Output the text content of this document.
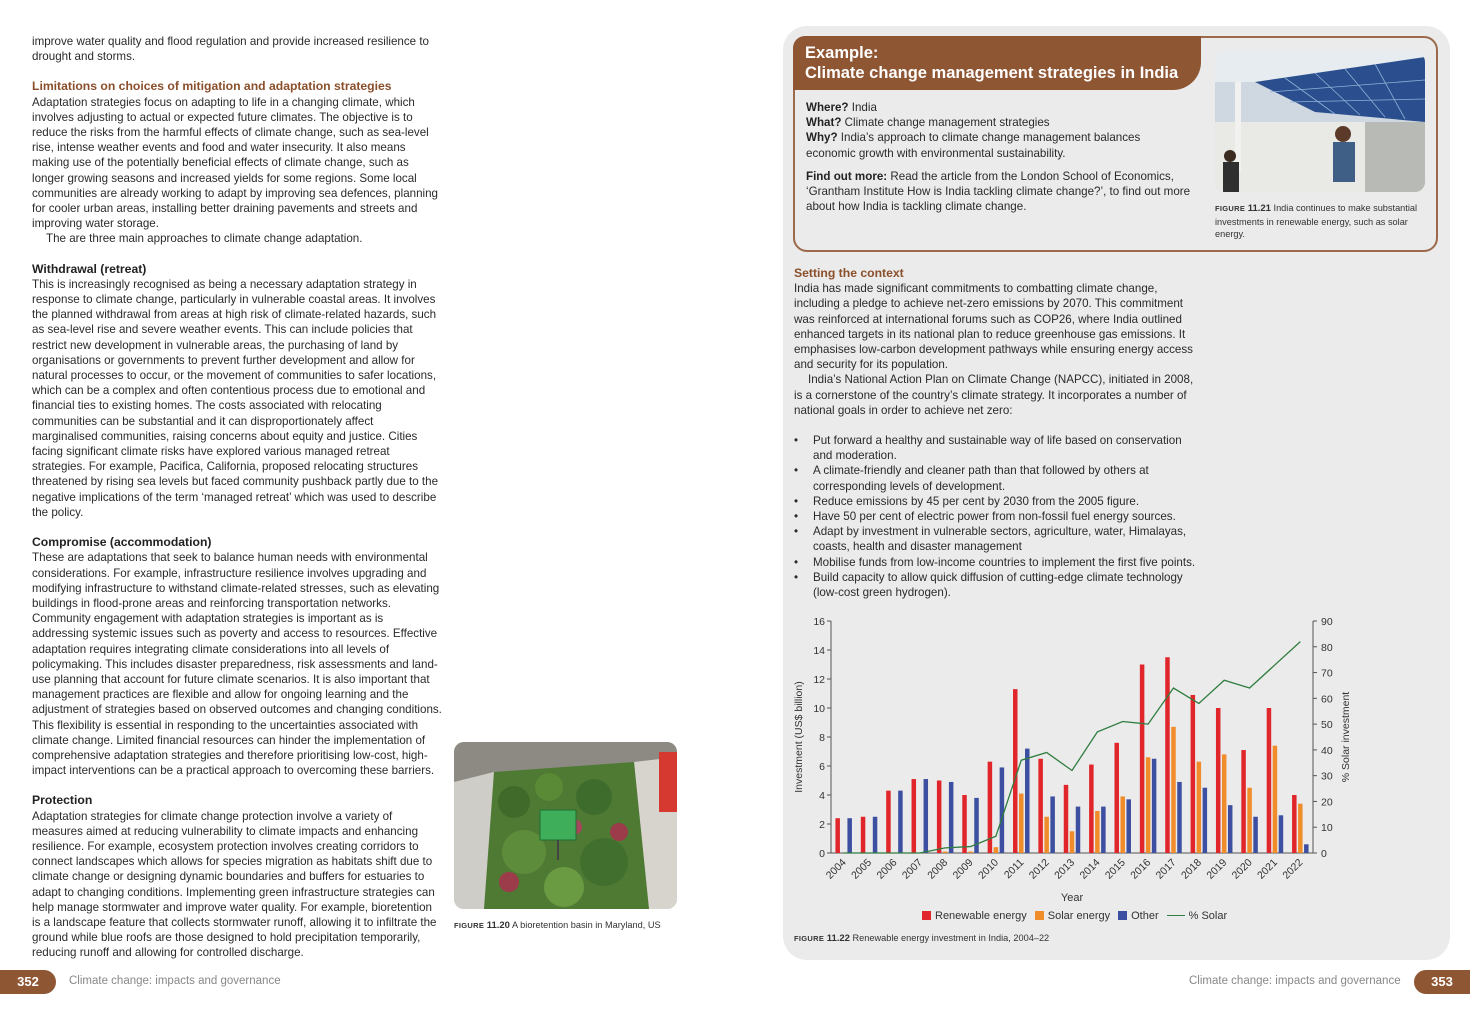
improve water quality and flood regulation and provide increased resilience to drought and storms.

Limitations on choices of mitigation and adaptation strategies

Adaptation strategies focus on adapting to life in a changing climate, which involves adjusting to actual or expected future climates. The objective is to reduce the risks from the harmful effects of climate change, such as sea-level rise, intense weather events and food and water insecurity. It also means making use of the potentially beneficial effects of climate change, such as longer growing seasons and increased yields for some regions. Some local communities are already working to adapt by improving sea defences, planning for cooler urban areas, installing better draining pavements and streets and improving water storage.

The are three main approaches to climate change adaptation.

Withdrawal (retreat)

This is increasingly recognised as being a necessary adaptation strategy in response to climate change, particularly in vulnerable coastal areas. It involves the planned withdrawal from areas at high risk of climate-related hazards, such as sea-level rise and severe weather events. This can include policies that restrict new development in vulnerable areas, the purchasing of land by organisations or governments to prevent further development and allow for natural processes to occur, or the movement of communities to safer locations, which can be a complex and often contentious process due to emotional and financial ties to existing homes. The costs associated with relocating communities can be substantial and it can disproportionately affect marginalised communities, raising concerns about equity and justice. Cities facing significant climate risks have explored various managed retreat strategies. For example, Pacifica, California, proposed relocating structures threatened by rising sea levels but faced community pushback partly due to the negative implications of the term ‘managed retreat’ which was used to describe the policy.

Compromise (accommodation)

These are adaptations that seek to balance human needs with environmental considerations. For example, infrastructure resilience involves upgrading and modifying infrastructure to withstand climate-related stresses, such as elevating buildings in flood-prone areas and reinforcing transportation networks. Community engagement with adaptation strategies is important as is addressing systemic issues such as poverty and access to resources. Effective adaptation requires integrating climate considerations into all levels of policymaking. This includes disaster preparedness, risk assessments and land-use planning that account for future climate scenarios. It is also important that management practices are flexible and allow for ongoing learning and the adjustment of strategies based on observed outcomes and changing conditions. This flexibility is essential in responding to the uncertainties associated with climate change. Limited financial resources can hinder the implementation of comprehensive adaptation strategies and therefore prioritising low-cost, high-impact interventions can be a practical approach to overcoming these barriers.

Protection

Adaptation strategies for climate change protection involve a variety of measures aimed at reducing vulnerability to climate impacts and enhancing resilience. For example, ecosystem protection involves creating corridors to connect landscapes which allows for species migration as habitats shift due to climate change or designing dynamic boundaries and buffers for estuaries to adapt to changing conditions. Implementing green infrastructure strategies can help manage stormwater and improve water quality. For example, bioretention is a landscape feature that collects stormwater runoff, allowing it to infiltrate the ground while blue roofs are those designed to hold precipitation temporarily, reducing runoff and allowing for controlled discharge.

FIGURE 11.20 A bioretention basin in Maryland, US
Example:
Climate change management strategies in India

Where? India

What? Climate change management strategies

Why? India’s approach to climate change management balances economic growth with environmental sustainability.

Find out more: Read the article from the London School of Economics, ‘Grantham Institute How is India tackling climate change?’, to find out more about how India is tackling climate change.	FIGURE 11.21 India continues to make substantial investments in renewable energy, such as solar energy.
Setting the context

India has made significant commitments to combatting climate change, including a pledge to achieve net-zero emissions by 2070. This commitment was reinforced at international forums such as COP26, where India outlined enhanced targets in its national plan to reduce greenhouse gas emissions. It emphasises low-carbon development pathways while ensuring energy access and security for its population.

India’s National Action Plan on Climate Change (NAPCC), initiated in 2008, is a cornerstone of the country’s climate strategy. It incorporates a number of national goals in order to achieve net zero:

• Put forward a healthy and sustainable way of life based on conservation and moderation.
• A climate-friendly and cleaner path than that followed by others at corresponding levels of development.
• Reduce emissions by 45 per cent by 2030 from the 2005 figure.
• Have 50 per cent of electric power from non-fossil fuel energy sources.
• Adapt by investment in vulnerable sectors, agriculture, water, Himalayas, coasts, health and disaster management
• Mobilise funds from low-income countries to implement the first five points.
• Build capacity to allow quick diffusion of cutting-edge climate technology (low-cost green hydrogen).
0
2
4
6
8
10
12
14
16
0
10
20
30
40
50
60
70
80
90
2004 2005 2006 2007 2008 2009 2010 2011 2012 2013 2014 2015 2016 2017 2018 2019 2020 2021 2022
Year
Investment (US$ billion)	% Solar investment
Renewable energy	Solar energy	Other	% Solar
FIGURE 11.22 Renewable energy investment in India, 2004–22
352	Climate change: impacts and governance	Climate change: impacts and governance	353
